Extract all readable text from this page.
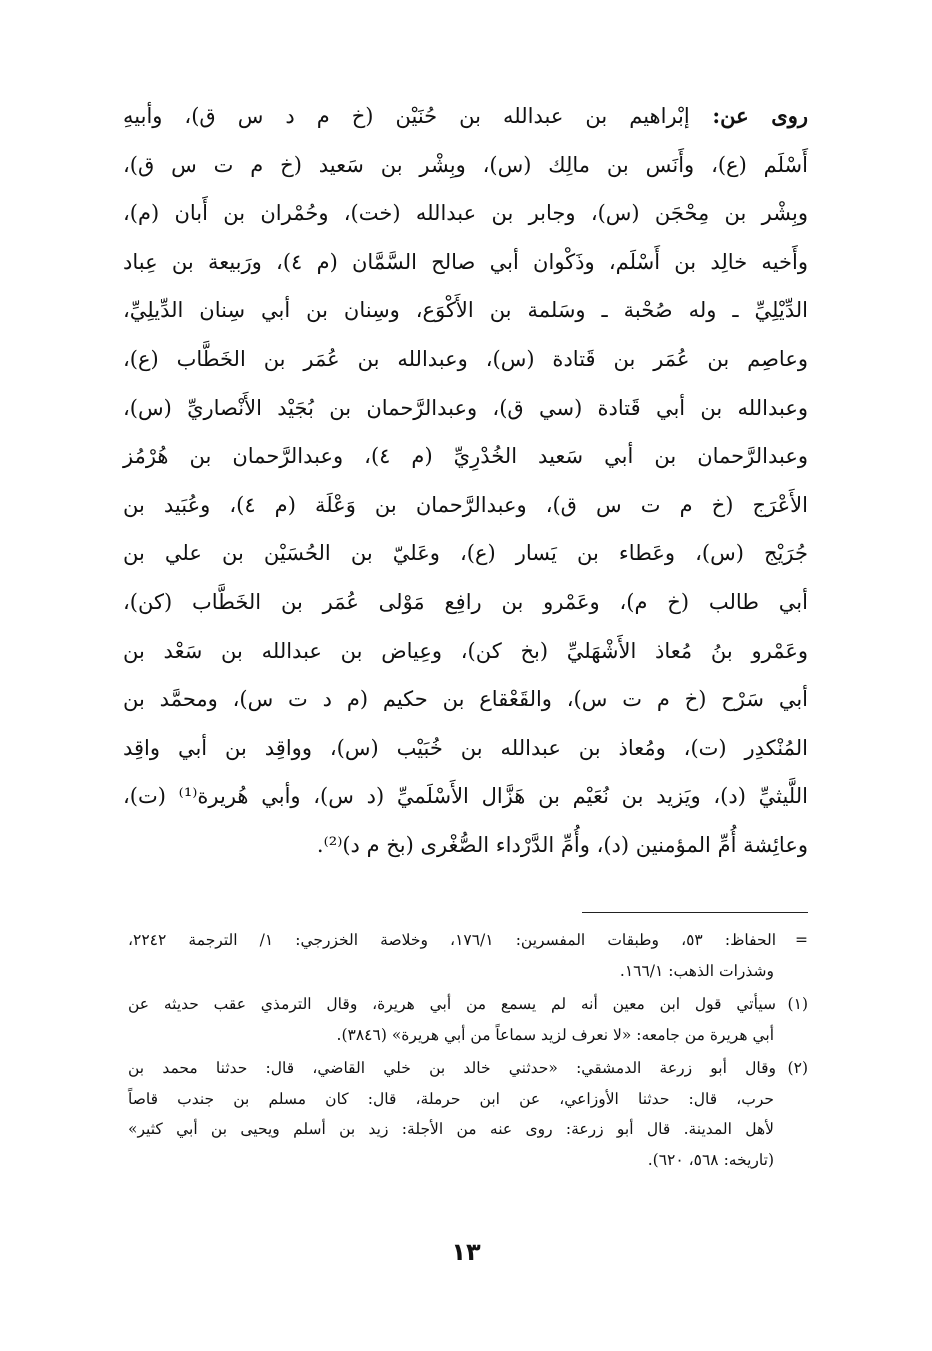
روى عن: إبْراهيم بن عبدالله بن حُنَيْن (خ م د س ق)، وأبيهِ
أَسْلَم (ع)، وأَنَس بن مالِك (س)، وبِشْر بن سَعيد (خ م ت س ق)،
وبِشْر بن مِحْجَن (س)، وجابر بن عبدالله (خت)، وحُمْران بن أَبان (م)،
وأَخيه خالِد بن أَسْلَم، وذَكْوان أبي صالح السَّمَّان (م ٤)، ورَبيعة بن عِباد
الدِّيْلِيِّ ـ وله صُحْبة ـ وسَلمة بن الأَكْوَع، وسِنان بن أبي سِنان الدِّيلِيِّ،
وعاصِم بن عُمَر بن قَتادة (س)، وعبدالله بن عُمَر بن الخَطَّاب (ع)،
وعبدالله بن أبي قَتادة (سي ق)، وعبدالرَّحمان بن بُجَيْد الأَنْصاريِّ (س)،
وعبدالرَّحمان بن أبي سَعيد الخُدْرِيِّ (م ٤)، وعبدالرَّحمان بن هُرْمُز
الأَعْرَج (خ م ت س ق)، وعبدالرَّحمان بن وَعْلَة (م ٤)، وعُبَيد بن
جُرَيْج (س)، وعَطاء بن يَسار (ع)، وعَليّ بن الحُسَيْن بن علي بن
أبي طالب (خ م)، وعَمْرو بن رافِع مَوْلى عُمَر بن الخَطَّاب (كن)،
وعَمْرو بنُ مُعاذ الأَشْهَليِّ (بخ كن)، وعِياض بن عبدالله بن سَعْد بن
أبي سَرْح (خ م ت س)، والقَعْقاع بن حكيم (م د ت س)، ومحمَّد بن
المُنْكدِر (ت)، ومُعاذ بن عبدالله بن خُبَيْب (س)، وواقِد بن أبي واقِد
اللَّيثيِّ (د)، ويَزيد بن نُعَيْم بن هَزَّال الأَسْلَميِّ (د س)، وأبي هُريرة⁽¹⁾ (ت)،
وعائِشة أُمِّ المؤمنين (د)، وأُمِّ الدَّرْداء الصُّغْرى (بخ م د)⁽²⁾.
=الحفاظ: ٥٣، وطبقات المفسرين: ١٧٦/١، وخلاصة الخزرجي: ١/ الترجمة ٢٢٤٢،
وشذرات الذهب: ١٦٦/١.
(١)سيأتي قول ابن معين أنه لم يسمع من أبي هريرة، وقال الترمذي عقب حديثه عن
أبي هريرة من جامعه: «لا نعرف لزيد سماعاً من أبي هريرة» (٣٨٤٦).
(٢)وقال أبو زرعة الدمشقي: «حدثني خالد بن خلي القاضي، قال: حدثنا محمد بن
حرب، قال: حدثنا الأوزاعي، عن ابن حرملة، قال: كان مسلم بن جندب قاصاً
لأهل المدينة. قال أبو زرعة: روى عنه من الأجلة: زيد بن أسلم ويحيى بن أبي كثير»
(تاريخه: ٥٦٨، ٦٢٠).
١٣
